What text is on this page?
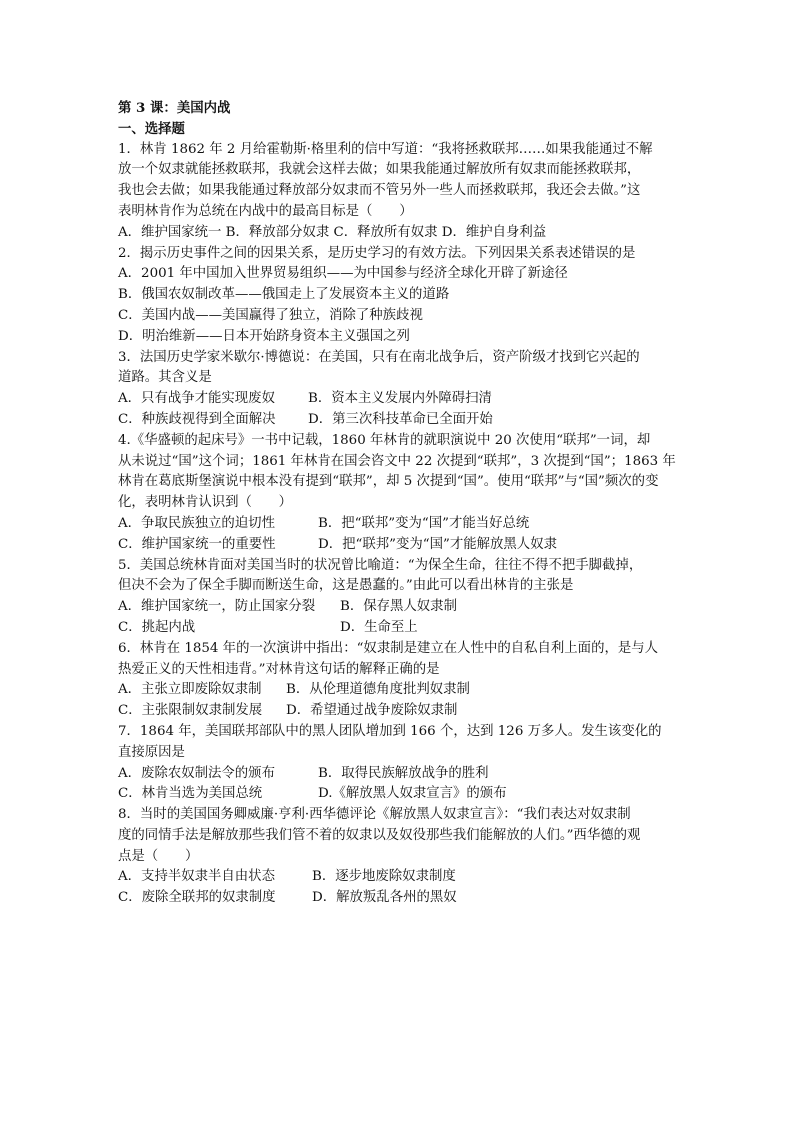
第 3 课：美国内战
一、选择题
1．林肯 1862 年 2 月给霍勒斯·格里利的信中写道：“我将拯救联邦……如果我能通过不解
放一个奴隶就能拯救联邦，我就会这样去做；如果我能通过解放所有奴隶而能拯救联邦，
我也会去做；如果我能通过释放部分奴隶而不管另外一些人而拯救联邦，我还会去做。”这
表明林肯作为总统在内战中的最高目标是（　　）
A．维护国家统一 B．释放部分奴隶 C．释放所有奴隶 D．维护自身利益
2．揭示历史事件之间的因果关系，是历史学习的有效方法。下列因果关系表述错误的是
A．2001 年中国加入世界贸易组织——为中国参与经济全球化开辟了新途径
B．俄国农奴制改革——俄国走上了发展资本主义的道路
C．美国内战——美国赢得了独立，消除了种族歧视
D．明治维新——日本开始跻身资本主义强国之列
3．法国历史学家米歇尔·博德说：在美国，只有在南北战争后，资产阶级才找到它兴起的
道路。其含义是
A．只有战争才能实现废奴	B．资本主义发展内外障碍扫清
C．种族歧视得到全面解决	D．第三次科技革命已全面开始
4.《华盛顿的起床号》一书中记载，1860 年林肯的就职演说中 20 次使用“联邦”一词，却
从未说过“国”这个词；1861 年林肯在国会咨文中 22 次提到“联邦”，3 次提到“国”；1863 年
林肯在葛底斯堡演说中根本没有提到“联邦”，却 5 次提到“国”。使用“联邦”与“国”频次的变
化，表明林肯认识到（　　）
A．争取民族独立的迫切性	B．把“联邦”变为“国”才能当好总统
C．维护国家统一的重要性	D．把“联邦”变为“国”才能解放黑人奴隶
5．美国总统林肯面对美国当时的状况曾比喻道：“为保全生命，往往不得不把手脚截掉，
但决不会为了保全手脚而断送生命，这是愚蠢的。”由此可以看出林肯的主张是
A．维护国家统一，防止国家分裂	B．保存黑人奴隶制
C．挑起内战	D．生命至上
6．林肯在 1854 年的一次演讲中指出：“奴隶制是建立在人性中的自私自利上面的，是与人
热爱正义的天性相违背。”对林肯这句话的解释正确的是
A．主张立即废除奴隶制	B．从伦理道德角度批判奴隶制
C．主张限制奴隶制发展	D．希望通过战争废除奴隶制
7．1864 年，美国联邦部队中的黑人团队增加到 166 个，达到 126 万多人。发生该变化的
直接原因是
A．废除农奴制法令的颁布	B．取得民族解放战争的胜利
C．林肯当选为美国总统	D.《解放黑人奴隶宣言》的颁布
8．当时的美国国务卿威廉·亨利·西华德评论《解放黑人奴隶宣言》：“我们表达对奴隶制
度的同情手法是解放那些我们管不着的奴隶以及奴役那些我们能解放的人们。”西华德的观
点是（　　）
A．支持半奴隶半自由状态	B．逐步地废除奴隶制度
C．废除全联邦的奴隶制度	D．解放叛乱各州的黑奴
